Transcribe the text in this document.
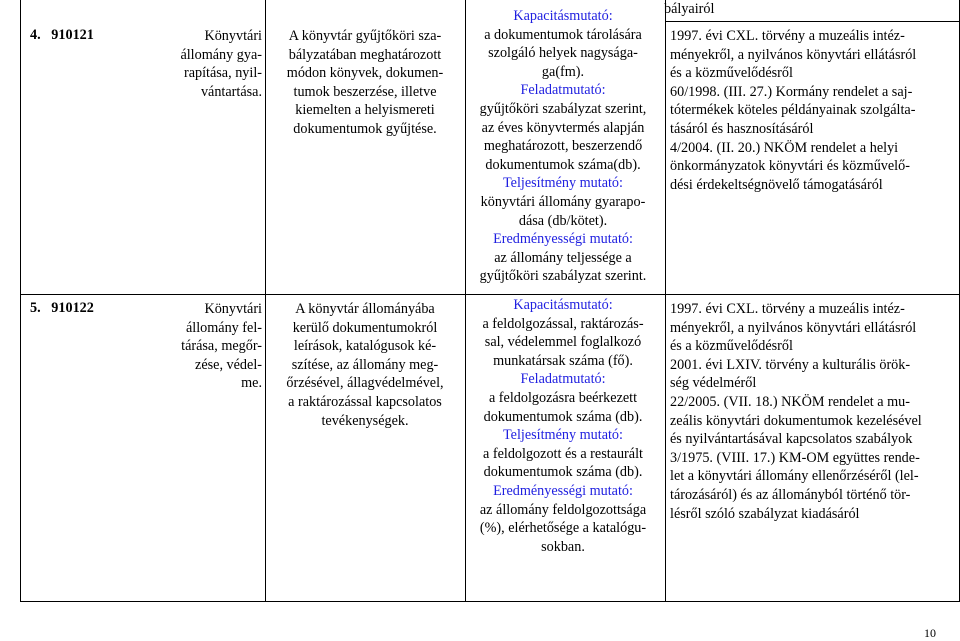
bályairól
4. 910121	Könyvtári
állomány gya-
rapítása, nyil-
vántartása.
A könyvtár gyűjtőköri sza-
bályzatában meghatározott
módon könyvek, dokumen-
tumok beszerzése, illetve
kiemelten a helyismereti
dokumentumok gyűjtése.
Kapacitásmutató:
a dokumentumok tárolására
szolgáló helyek nagyságа-
ga(fm).
Feladatmutató:
gyűjtőköri szabályzat szerint,
az éves könyvtermés alapján
meghatározott, beszerzendő
dokumentumok száma(db).
Teljesítmény mutató:
könyvtári állomány gyarapo-
dása (db/kötet).
Eredményességi mutató:
az állomány teljessége a
gyűjtőköri szabályzat szerint.
1997. évi CXL. törvény a muzeális intéz-
ményekről, a nyilvános könyvtári ellátásról
és a közművelődésről
60/1998. (III. 27.) Kormány rendelet a saj-
tótermékek köteles példányainak szolgálta-
tásáról és hasznosításáról
4/2004. (II. 20.) NKÖM rendelet a helyi
önkormányzatok könyvtári és közművelő-
dési érdekeltségnövelő támogatásáról
5. 910122	Könyvtári
állomány fel-
tárása, megőr-
zése, védel-
me.
A könyvtár állományába
kerülő dokumentumokról
leírások, katalógusok ké-
szítése, az állomány meg-
őrzésével, állagvédelmével,
a raktározással kapcsolatos
tevékenységek.
Kapacitásmutató:
a feldolgozással, raktározás-
sal, védelemmel foglalkozó
munkatársak száma (fő).
Feladatmutató:
a feldolgozásra beérkezett
dokumentumok száma (db).
Teljesítmény mutató:
a feldolgozott és a restaurált
dokumentumok száma (db).
Eredményességi mutató:
az állomány feldolgozottsága
(%), elérhetősége a katalógu-
sokban.
1997. évi CXL. törvény a muzeális intéz-
ményekről, a nyilvános könyvtári ellátásról
és a közművelődésről
2001. évi LXIV. törvény a kulturális örök-
ség védelméről
22/2005. (VII. 18.) NKÖM rendelet a mu-
zeális könyvtári dokumentumok kezelésével
és nyilvántartásával kapcsolatos szabályok
3/1975. (VIII. 17.) KM-OM együttes rende-
let a könyvtári állomány ellenőrzéséről (lel-
tározásáról) és az állományból történő tör-
lésről szóló szabályzat kiadásáról
10
